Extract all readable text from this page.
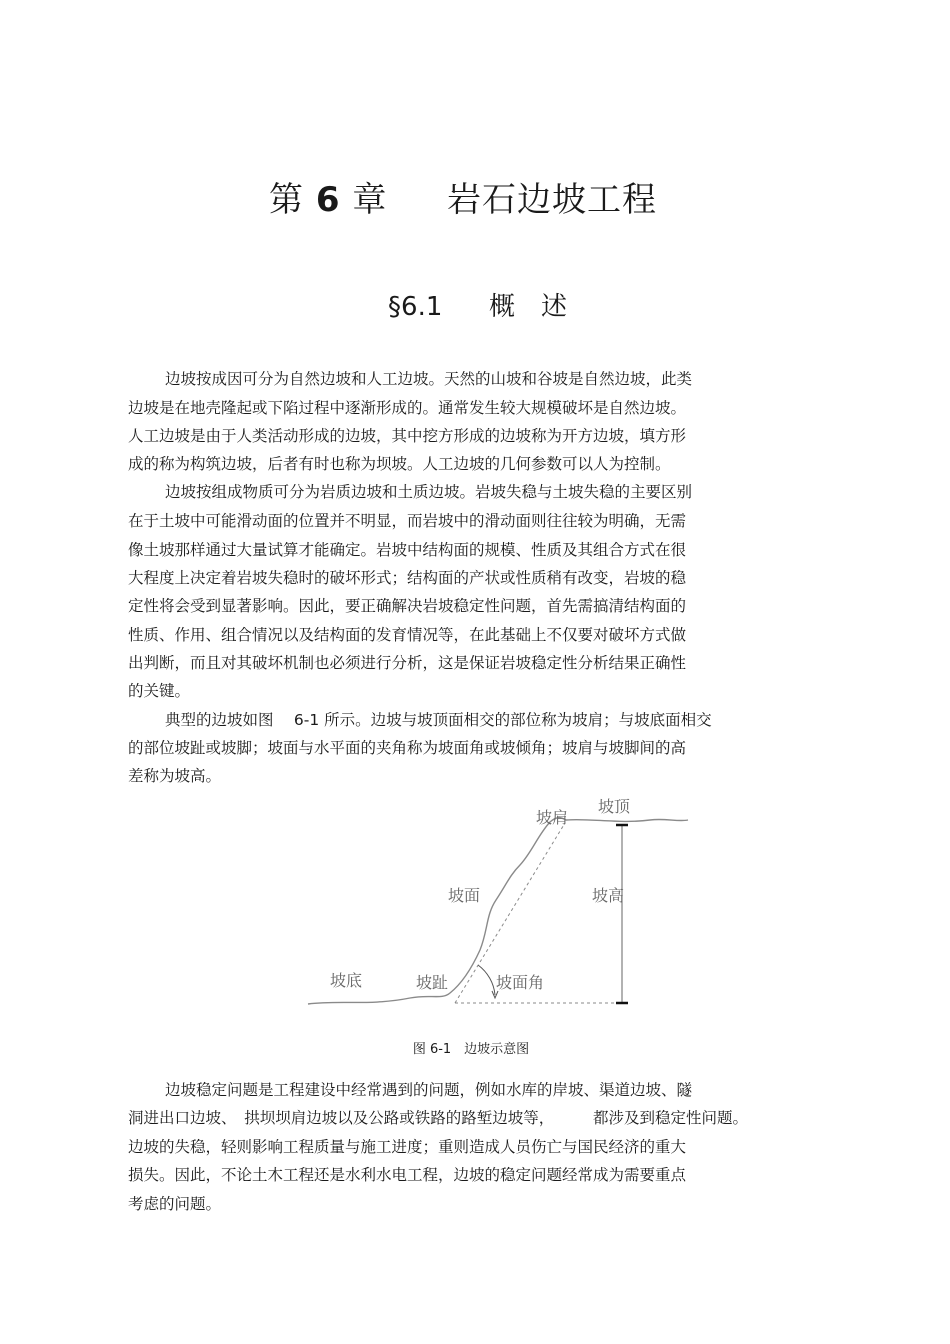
第 6 章 岩石边坡工程
§6.1 概　述
边坡按成因可分为自然边坡和人工边坡。天然的山坡和谷坡是自然边坡，此类
边坡是在地壳隆起或下陷过程中逐渐形成的。通常发生较大规模破坏是自然边坡。
人工边坡是由于人类活动形成的边坡，其中挖方形成的边坡称为开方边坡，填方形
成的称为构筑边坡，后者有时也称为坝坡。人工边坡的几何参数可以人为控制。
边坡按组成物质可分为岩质边坡和土质边坡。岩坡失稳与土坡失稳的主要区别
在于土坡中可能滑动面的位置并不明显，而岩坡中的滑动面则往往较为明确，无需
像土坡那样通过大量试算才能确定。岩坡中结构面的规模、性质及其组合方式在很
大程度上决定着岩坡失稳时的破坏形式；结构面的产状或性质稍有改变，岩坡的稳
定性将会受到显著影响。因此，要正确解决岩坡稳定性问题，首先需搞清结构面的
性质、作用、组合情况以及结构面的发育情况等，在此基础上不仅要对破坏方式做
出判断，而且对其破坏机制也必须进行分析，这是保证岩坡稳定性分析结果正确性
的关键。
典型的边坡如图　 6-1 所示。边坡与坡顶面相交的部位称为坡肩；与坡底面相交
的部位坡趾或坡脚；坡面与水平面的夹角称为坡面角或坡倾角；坡肩与坡脚间的高
差称为坡高。
坡肩
坡顶
坡面	坡高
坡底	坡趾	坡面角
图 6-1　边坡示意图
边坡稳定问题是工程建设中经常遇到的问题，例如水库的岸坡、渠道边坡、隧
洞进出口边坡、　拱坝坝肩边坡以及公路或铁路的路堑边坡等，　　　都涉及到稳定性问题。
边坡的失稳，轻则影响工程质量与施工进度；重则造成人员伤亡与国民经济的重大
损失。因此，不论土木工程还是水利水电工程，边坡的稳定问题经常成为需要重点
考虑的问题。
